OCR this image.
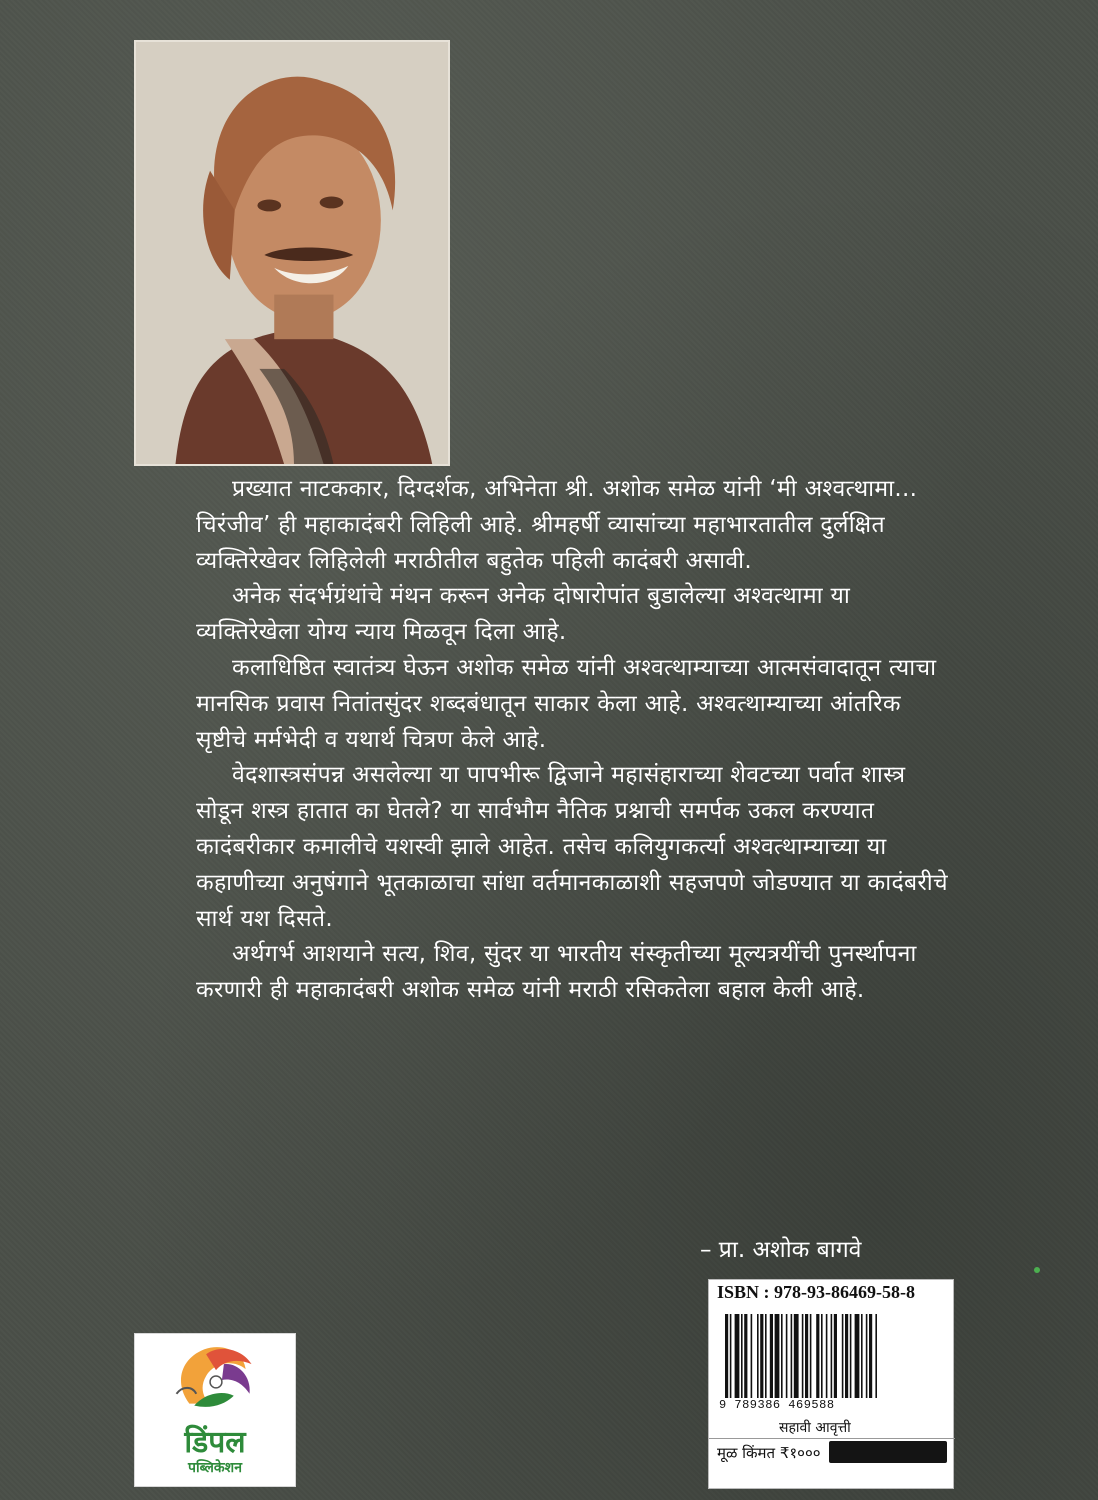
प्रख्यात नाटककार, दिग्दर्शक, अभिनेता श्री. अशोक समेळ यांनी ‘मी अश्वत्थामा... चिरंजीव’ ही महाकादंबरी लिहिली आहे. श्रीमहर्षी व्यासांच्या महाभारतातील दुर्लक्षित व्यक्तिरेखेवर लिहिलेली मराठीतील बहुतेक पहिली कादंबरी असावी.

अनेक संदर्भग्रंथांचे मंथन करून अनेक दोषारोपांत बुडालेल्या अश्वत्थामा या व्यक्तिरेखेला योग्य न्याय मिळवून दिला आहे.

कलाधिष्ठित स्वातंत्र्य घेऊन अशोक समेळ यांनी अश्वत्थाम्याच्या आत्मसंवादातून त्याचा मानसिक प्रवास नितांतसुंदर शब्दबंधातून साकार केला आहे. अश्वत्थाम्याच्या आंतरिक सृष्टीचे मर्मभेदी व यथार्थ चित्रण केले आहे.

वेदशास्त्रसंपन्न असलेल्या या पापभीरू द्विजाने महासंहाराच्या शेवटच्या पर्वात शास्त्र सोडून शस्त्र हातात का घेतले? या सार्वभौम नैतिक प्रश्नाची समर्पक उकल करण्यात कादंबरीकार कमालीचे यशस्वी झाले आहेत. तसेच कलियुगकर्त्या अश्वत्थाम्याच्या या कहाणीच्या अनुषंगाने भूतकाळाचा सांधा वर्तमानकाळाशी सहजपणे जोडण्यात या कादंबरीचे सार्थ यश दिसते.

अर्थगर्भ आशयाने सत्य, शिव, सुंदर या भारतीय संस्कृतीच्या मूल्यत्रयींची पुनर्स्थापना करणारी ही महाकादंबरी अशोक समेळ यांनी मराठी रसिकतेला बहाल केली आहे.

– प्रा. अशोक बागवे
डिंपल
पब्लिकेशन
ISBN : 978-93-86469-58-8
9 789386 469588
सहावी आवृत्ती
मूळ किंमत ₹१०००
